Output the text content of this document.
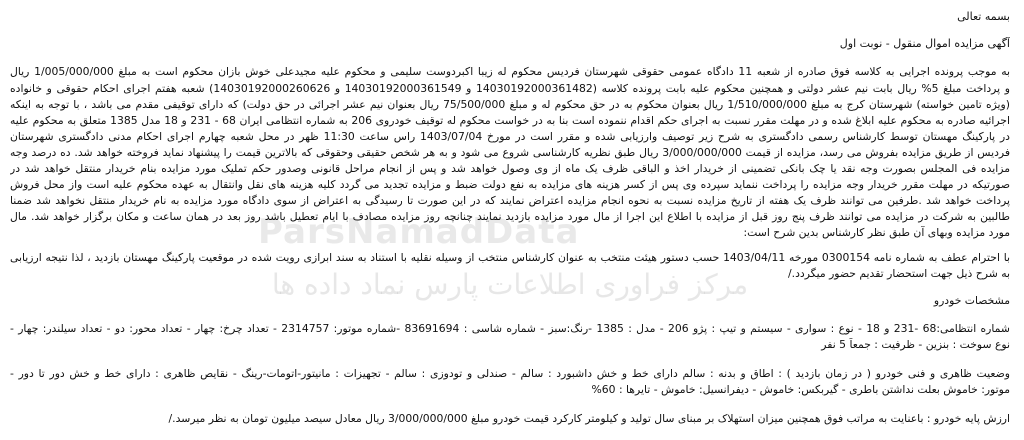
ParsNamadData
مرکز فراوری اطلاعات پارس نماد داده ها
بسمه تعالی
آگهی مزایده اموال منقول - نوبت اول
به موجب پرونده اجرایی به کلاسه فوق صادره از شعبه 11 دادگاه عمومی حقوقی شهرستان فردیس محکوم له زیبا اکبردوست سلیمی و محکوم علیه مجیدعلی خوش بازان محکوم است به مبلغ 1/005/000/000 ریال
و پرداخت مبلغ 5% ریال بابت نیم عشر دولتی و همچنین محکوم علیه بابت پرونده کلاسه (14030192000361482 و 14030192000361549 و 14030192000260626) شعبه هفتم اجرای احکام حقوقی و خانواده
(ویژه تامین خواسته) شهرستان کرج به مبلغ 1/510/000/000 ریال بعنوان محکوم به در حق محکوم له و مبلغ 75/500/000 ریال بعنوان نیم عشر اجرائی در حق دولت) که دارای توقیفی مقدم می باشد ، با توجه به اینکه
اجرائیه صادره به محکوم علیه ابلاغ شده و در مهلت مقرر نسبت به اجرای حکم اقدام ننموده است بنا به در خواست محکوم له توقیف خودروی 206 به شماره انتظامی ایران 68 - 231 و 18 مدل 1385 متعلق به محکوم علیه
در پارکینگ مهستان توسط کارشناس رسمی دادگستری به شرح زیر توصیف وارزیابی شده و مقرر است در مورخ 1403/07/04 راس ساعت 11:30 ظهر در محل شعبه چهارم اجرای احکام مدنی دادگستری شهرستان
فردیس از طریق مزایده بفروش می رسد، مزایده از قیمت 3/000/000/000 ریال طبق نظریه کارشناسی شروع می شود و به هر شخص حقیقی وحقوقی که بالاترین قیمت را پیشنهاد نماید فروخته خواهد شد. ده درصد وجه
مزایده فی المجلس بصورت وجه نقد یا چک بانکی تضمینی از خریدار اخذ و الباقی ظرف یک ماه از وی وصول خواهد شد و پس از انجام مراحل قانونی وصدور حکم تملیک مورد مزایده بنام خریدار منتقل خواهد شد در
صورتیکه در مهلت مقرر خریدار وجه مزایده را پرداخت ننماید سپرده وی پس از کسر هزینه های مزایده به نفع دولت ضبط و مزایده تجدید می گردد کلیه هزینه های نقل وانتقال به عهده محکوم علیه است واز محل فروش
پرداخت خواهد شد .طرفین می توانند ظرف یک هفته از تاریخ مزایده نسبت به نحوه انجام مزایده اعتراض نمایند که در این صورت تا رسیدگی به اعتراض از سوی دادگاه مورد مزایده به نام خریدار منتقل نخواهد شد ضمنا
طالبین به شرکت در مزایده می توانند ظرف پنج روز قبل از مزایده با اطلاع این اجرا از مال مورد مزایده بازدید نمایند چنانچه روز مزایده مصادف با ایام تعطیل باشد روز بعد در همان ساعت و مکان برگزار خواهد شد. مال
مورد مزایده وبهای آن طبق نظر کارشناس بدین شرح است:
با احترام عطف به شماره نامه 0300154 مورخه 1403/04/11 حسب دستور هیئت منتخب به عنوان کارشناس منتخب از وسیله نقلیه با استناد به سند ابرازی رویت شده در موقعیت پارکینگ مهستان بازدید ، لذا نتیجه ارزیابی
به شرح ذیل جهت استحضار تقدیم حضور میگردد./
مشخصات خودرو
شماره انتظامی:68 -231 و 18 - نوع : سواری - سیستم و تیپ : پژو 206 - مدل : 1385 -رنگ:سبز - شماره شاسی : 83691694 -شماره موتور: 2314757 - تعداد چرخ: چهار - تعداد محور: دو - تعداد سیلندر: چهار -
نوع سوخت : بنزین - ظرفیت : جمعاً 5 نفر
وضعیت ظاهری و فنی خودرو ( در زمان بازدید ) : اطاق و بدنه : سالم دارای خط و خش داشبورد : سالم - صندلی و تودوزی : سالم - تجهیزات : مانیتور-اتومات-رینگ - نقایص ظاهری : دارای خط و خش دور تا دور -
موتور: خاموش بعلت نداشتن باطری - گیربکس: خاموش - دیفرانسیل: خاموش - تایرها : 60%
ارزش پایه خودرو : باعنایت به مراتب فوق همچنین میزان استهلاک بر مبنای سال تولید و کیلومتر کارکرد قیمت خودرو مبلغ 3/000/000/000 ریال معادل سیصد میلیون تومان به نظر میرسد./
